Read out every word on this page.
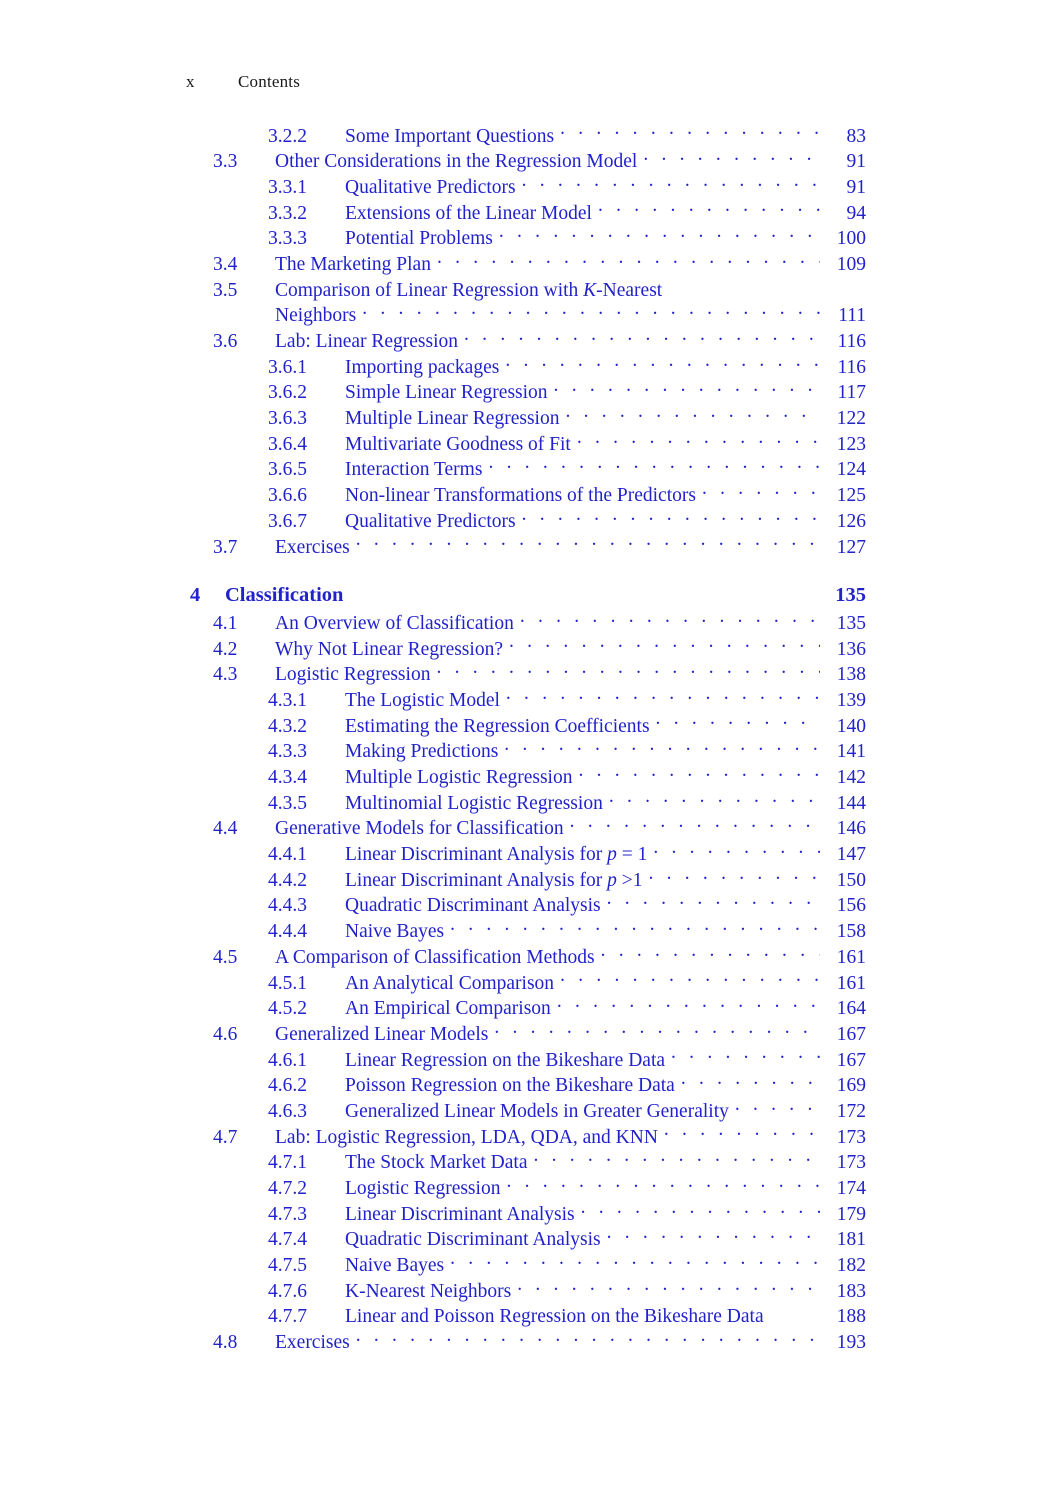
x	Contents
3.2.2	Some Important Questions . . .	83
3.3	Other Considerations in the Regression Model . . .	91
3.3.1	Qualitative Predictors . . .	91
3.3.2	Extensions of the Linear Model . . .	94
3.3.3	Potential Problems . . .	100
3.4	The Marketing Plan . . .	109
3.5	Comparison of Linear Regression with K-Nearest
Neighbors . . .	111
3.6	Lab: Linear Regression . . .	116
3.6.1	Importing packages . . .	116
3.6.2	Simple Linear Regression . . .	117
3.6.3	Multiple Linear Regression . . .	122
3.6.4	Multivariate Goodness of Fit . . .	123
3.6.5	Interaction Terms . . .	124
3.6.6	Non-linear Transformations of the Predictors . . .	125
3.6.7	Qualitative Predictors . . .	126
3.7	Exercises . . .	127
4	Classification	135
4.1	An Overview of Classification . . .	135
4.2	Why Not Linear Regression? . . .	136
4.3	Logistic Regression . . .	138
4.3.1	The Logistic Model . . .	139
4.3.2	Estimating the Regression Coefficients . . .	140
4.3.3	Making Predictions . . .	141
4.3.4	Multiple Logistic Regression . . .	142
4.3.5	Multinomial Logistic Regression . . .	144
4.4	Generative Models for Classification . . .	146
4.4.1	Linear Discriminant Analysis for p = 1 . . .	147
4.4.2	Linear Discriminant Analysis for p >1 . . .	150
4.4.3	Quadratic Discriminant Analysis . . .	156
4.4.4	Naive Bayes . . .	158
4.5	A Comparison of Classification Methods . . .	161
4.5.1	An Analytical Comparison . . .	161
4.5.2	An Empirical Comparison . . .	164
4.6	Generalized Linear Models . . .	167
4.6.1	Linear Regression on the Bikeshare Data . . .	167
4.6.2	Poisson Regression on the Bikeshare Data . . .	169
4.6.3	Generalized Linear Models in Greater Generality . . .	172
4.7	Lab: Logistic Regression, LDA, QDA, and KNN . . .	173
4.7.1	The Stock Market Data . . .	173
4.7.2	Logistic Regression . . .	174
4.7.3	Linear Discriminant Analysis . . .	179
4.7.4	Quadratic Discriminant Analysis . . .	181
4.7.5	Naive Bayes . . .	182
4.7.6	K-Nearest Neighbors . . .	183
4.7.7	Linear and Poisson Regression on the Bikeshare Data	188
4.8	Exercises . . .	193
